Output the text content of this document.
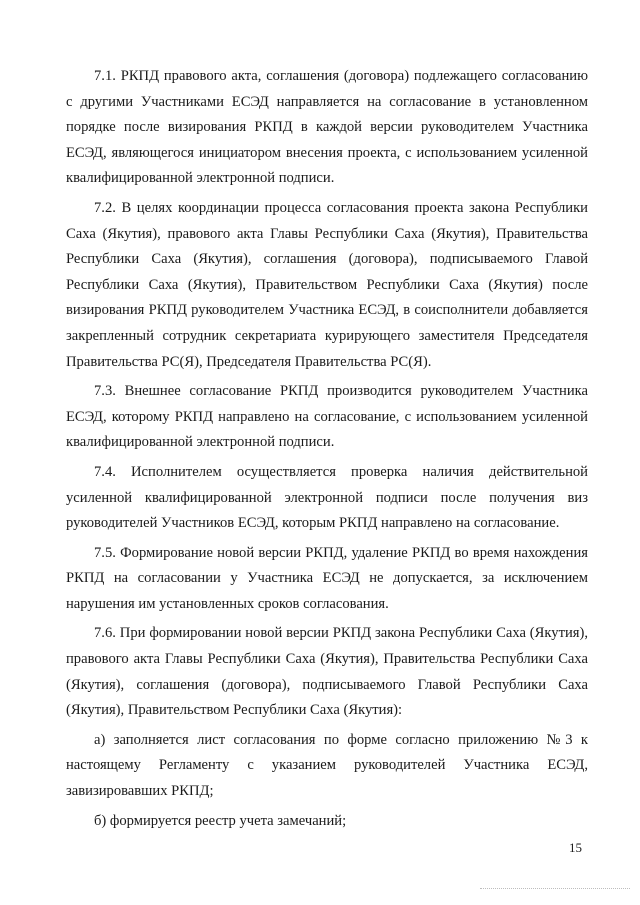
7.1. РКПД правового акта, соглашения (договора) подлежащего согласованию с другими Участниками ЕСЭД направляется на согласование в установленном порядке после визирования РКПД в каждой версии руководителем Участника ЕСЭД, являющегося инициатором внесения проекта, с использованием усиленной квалифицированной электронной подписи.

7.2. В целях координации процесса согласования проекта закона Республики Саха (Якутия), правового акта Главы Республики Саха (Якутия), Правительства Республики Саха (Якутия), соглашения (договора), подписываемого Главой Республики Саха (Якутия), Правительством Республики Саха (Якутия) после визирования РКПД руководителем Участника ЕСЭД, в соисполнители добавляется закрепленный сотрудник секретариата курирующего заместителя Председателя Правительства РС(Я), Председателя Правительства РС(Я).

7.3. Внешнее согласование РКПД производится руководителем Участника ЕСЭД, которому РКПД направлено на согласование, с использованием усиленной квалифицированной электронной подписи.

7.4. Исполнителем осуществляется проверка наличия действительной усиленной квалифицированной электронной подписи после получения виз руководителей Участников ЕСЭД, которым РКПД направлено на согласование.

7.5. Формирование новой версии РКПД, удаление РКПД во время нахождения РКПД на согласовании у Участника ЕСЭД не допускается, за исключением нарушения им установленных сроков согласования.

7.6. При формировании новой версии РКПД закона Республики Саха (Якутия), правового акта Главы Республики Саха (Якутия), Правительства Республики Саха (Якутия), соглашения (договора), подписываемого Главой Республики Саха (Якутия), Правительством Республики Саха (Якутия):

а) заполняется лист согласования по форме согласно приложению №3 к настоящему Регламенту с указанием руководителей Участника ЕСЭД, завизировавших РКПД;

б) формируется реестр учета замечаний;

15
